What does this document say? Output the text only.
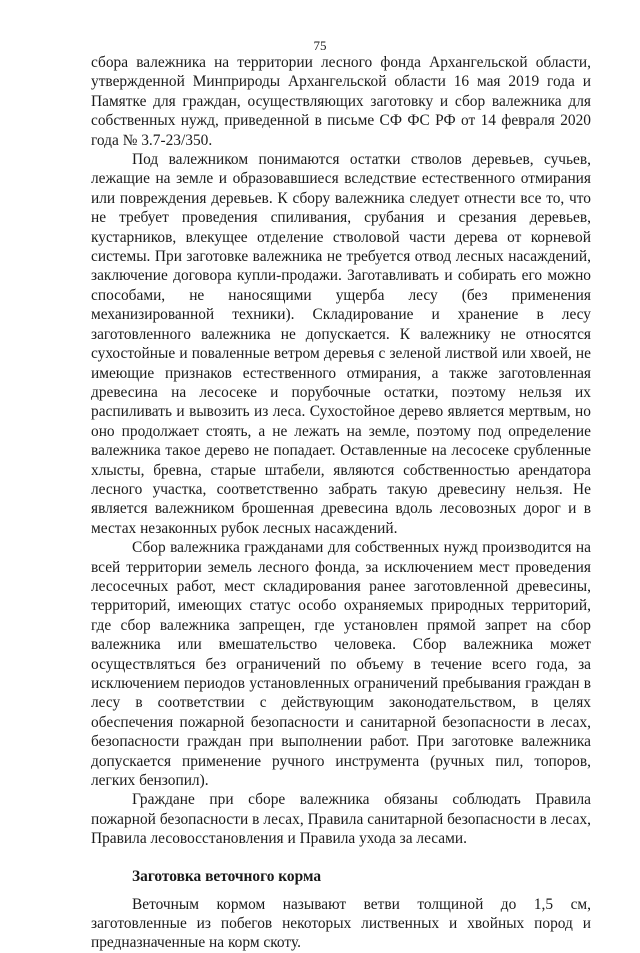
75

сбора валежника на территории лесного фонда Архангельской области, утвержденной Минприроды Архангельской области 16 мая 2019 года и Памятке для граждан, осуществляющих заготовку и сбор валежника для собственных нужд, приведенной в письме СФ ФС РФ от 14 февраля 2020 года № 3.7-23/350.

Под валежником понимаются остатки стволов деревьев, сучьев, лежащие на земле и образовавшиеся вследствие естественного отмирания или повреждения деревьев. К сбору валежника следует отнести все то, что не требует проведения спиливания, срубания и срезания деревьев, кустарников, влекущее отделение стволовой части дерева от корневой системы. При заготовке валежника не требуется отвод лесных насаждений, заключение договора купли-продажи. Заготавливать и собирать его можно способами, не наносящими ущерба лесу (без применения механизированной техники). Складирование и хранение в лесу заготовленного валежника не допускается. К валежнику не относятся сухостойные и поваленные ветром деревья с зеленой листвой или хвоей, не имеющие признаков естественного отмирания, а также заготовленная древесина на лесосеке и порубочные остатки, поэтому нельзя их распиливать и вывозить из леса. Сухостойное дерево является мертвым, но оно продолжает стоять, а не лежать на земле, поэтому под определение валежника такое дерево не попадает. Оставленные на лесосеке срубленные хлысты, бревна, старые штабели, являются собственностью арендатора лесного участка, соответственно забрать такую древесину нельзя. Не является валежником брошенная древесина вдоль лесовозных дорог и в местах незаконных рубок лесных насаждений.

Сбор валежника гражданами для собственных нужд производится на всей территории земель лесного фонда, за исключением мест проведения лесосечных работ, мест складирования ранее заготовленной древесины, территорий, имеющих статус особо охраняемых природных территорий, где сбор валежника запрещен, где установлен прямой запрет на сбор валежника или вмешательство человека. Сбор валежника может осуществляться без ограничений по объему в течение всего года, за исключением периодов установленных ограничений пребывания граждан в лесу в соответствии с действующим законодательством, в целях обеспечения пожарной безопасности и санитарной безопасности в лесах, безопасности граждан при выполнении работ. При заготовке валежника допускается применение ручного инструмента (ручных пил, топоров, легких бензопил).

Граждане при сборе валежника обязаны соблюдать Правила пожарной безопасности в лесах, Правила санитарной безопасности в лесах, Правила лесовосстановления и Правила ухода за лесами.

Заготовка веточного корма

Веточным кормом называют ветви толщиной до 1,5 см, заготовленные из побегов некоторых лиственных и хвойных пород и предназначенные на корм скоту.
